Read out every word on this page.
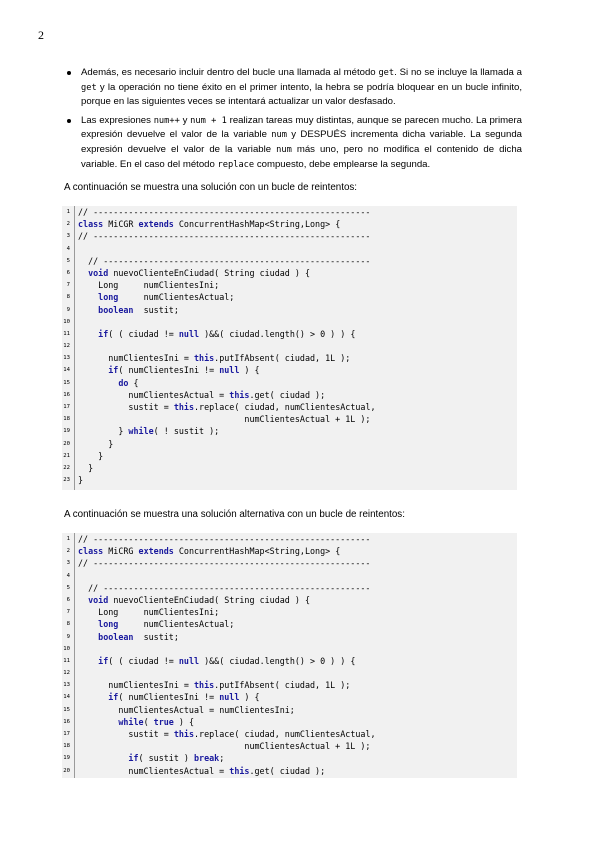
2
Además, es necesario incluir dentro del bucle una llamada al método get. Si no se incluye la llamada a get y la operación no tiene éxito en el primer intento, la hebra se podría bloquear en un bucle infinito, porque en las siguientes veces se intentará actualizar un valor desfasado.
Las expresiones num++ y num + 1 realizan tareas muy distintas, aunque se parecen mucho. La primera expresión devuelve el valor de la variable num y DESPUÉS incrementa dicha variable. La segunda expresión devuelve el valor de la variable num más uno, pero no modifica el contenido de dicha variable. En el caso del método replace compuesto, debe emplearse la segunda.
A continuación se muestra una solución con un bucle de reintentos:
1 // -------------------------------------------------------
2 class MiCGR extends ConcurrentHashMap<String,Long> {
3 // -------------------------------------------------------
4
5 // -----------------------------------------------------
6	void nuevoClienteEnCiudad( String ciudad ) {
7	Long	numClientesIni;
8	long	numClientesActual;
9	boolean sustit;
10
11	if( ( ciudad != null )&&( ciudad.length() > 0 ) ) {
12
13	numClientesIni = this.putIfAbsent( ciudad, 1L );
14	if( numClientesIni != null ) {
15	do {
16	numClientesActual = this.get( ciudad );
17	sustit = this.replace( ciudad, numClientesActual,
18	numClientesActual + 1L );
19 } while( ! sustit );
20 }
21 }
22 }
23 }
A continuación se muestra una solución alternativa con un bucle de reintentos:
1 // -------------------------------------------------------
2 class MiCRG extends ConcurrentHashMap<String,Long> {
3 // -------------------------------------------------------
4
5 // -----------------------------------------------------
6	void nuevoClienteEnCiudad( String ciudad ) {
7	Long	numClientesIni;
8	long	numClientesActual;
9	boolean sustit;
10
11	if( ( ciudad != null )&&( ciudad.length() > 0 ) ) {
12
13	numClientesIni = this.putIfAbsent( ciudad, 1L );
14	if( numClientesIni != null ) {
15	numClientesActual = numClientesIni;
16	while( true ) {
17	sustit = this.replace( ciudad, numClientesActual,
18	numClientesActual + 1L );
19	if( sustit ) break;
20	numClientesActual = this.get( ciudad );
